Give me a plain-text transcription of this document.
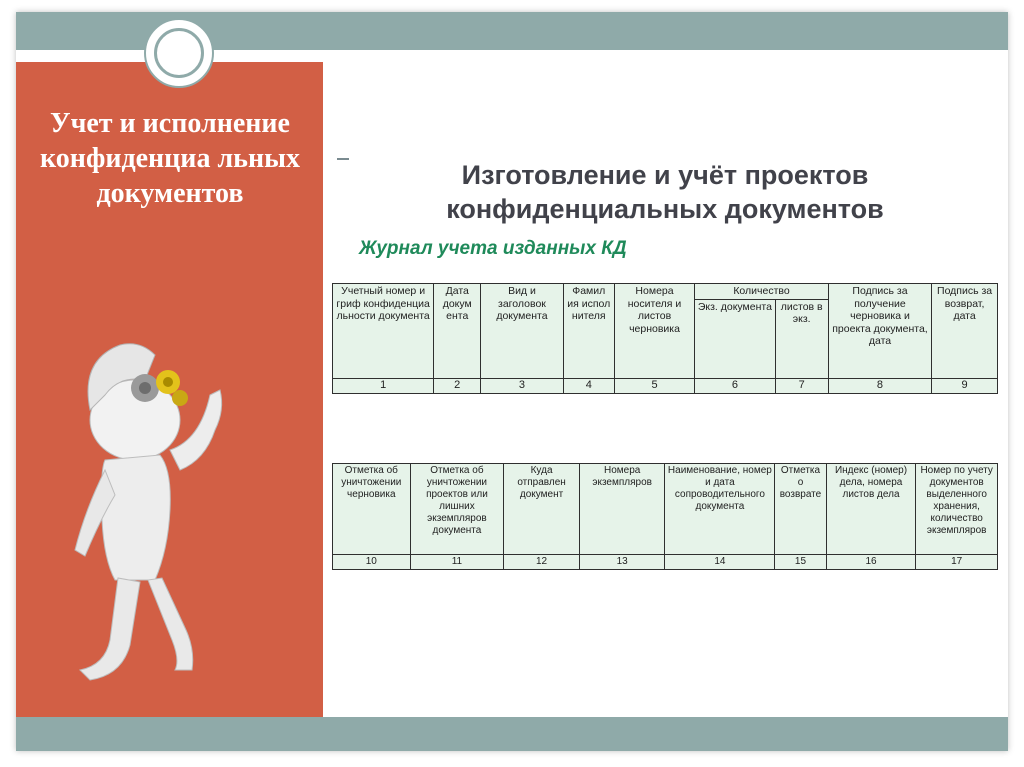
Учет и исполнение конфиденциа льных документов
Изготовление и учёт проектов
конфиденциальных документов
Журнал учета изданных КД
Учетный номер и гриф конфиденциа льности документа	Дата докум ента	Вид и заголовок документа	Фамил ия испол нителя	Номера носителя и листов черновика	Количество		Подпись за получение черновика и проекта документа, дата	Подпись за возврат, дата
					Экз. документа	листов в экз.		
1	2	3	4	5	6	7	8	9
Отметка об уничтожении черновика	Отметка об уничтожении проектов или лишних экземпляров документа	Куда отправлен документ	Номера экземпляров	Наименование, номер и дата сопроводительного документа	Отметка о возврате	Индекс (номер) дела, номера листов дела	Номер по учету документов выделенного хранения, количество экземпляров
10	11	12	13	14	15	16	17
